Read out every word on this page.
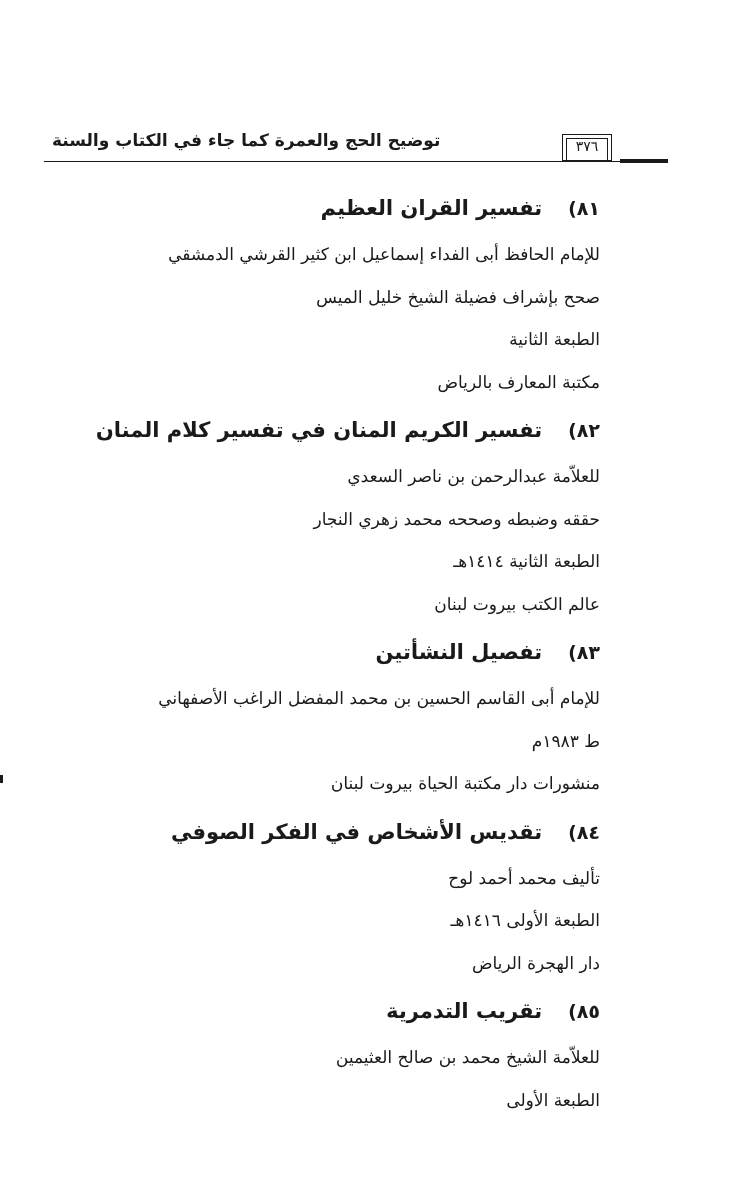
توضيح الحج والعمرة كما جاء في الكتاب والسنة	٣٧٦
٨١)
تفسير القران العظيم
للإمام الحافظ أبى الفداء إسماعيل ابن كثير القرشي الدمشقي
صحح بإشراف فضيلة الشيخ خليل الميس
الطبعة الثانية
مكتبة المعارف بالرياض
٨٢)
تفسير الكريم المنان في تفسير كلام المنان
للعلاّمة عبدالرحمن بن ناصر السعدي
حققه وضبطه وصححه محمد زهري النجار
الطبعة الثانية ١٤١٤هـ
عالم الكتب بيروت لبنان
٨٣)
تفصيل النشأتين
للإمام أبى القاسم الحسين بن محمد المفضل الراغب الأصفهاني
ط ١٩٨٣م
منشورات دار مكتبة الحياة بيروت لبنان
٨٤)
تقديس الأشخاص في الفكر الصوفي
تأليف محمد أحمد لوح
الطبعة الأولى ١٤١٦هـ
دار الهجرة الرياض
٨٥)
تقريب التدمرية
للعلاّمة الشيخ محمد بن صالح العثيمين
الطبعة الأولى
